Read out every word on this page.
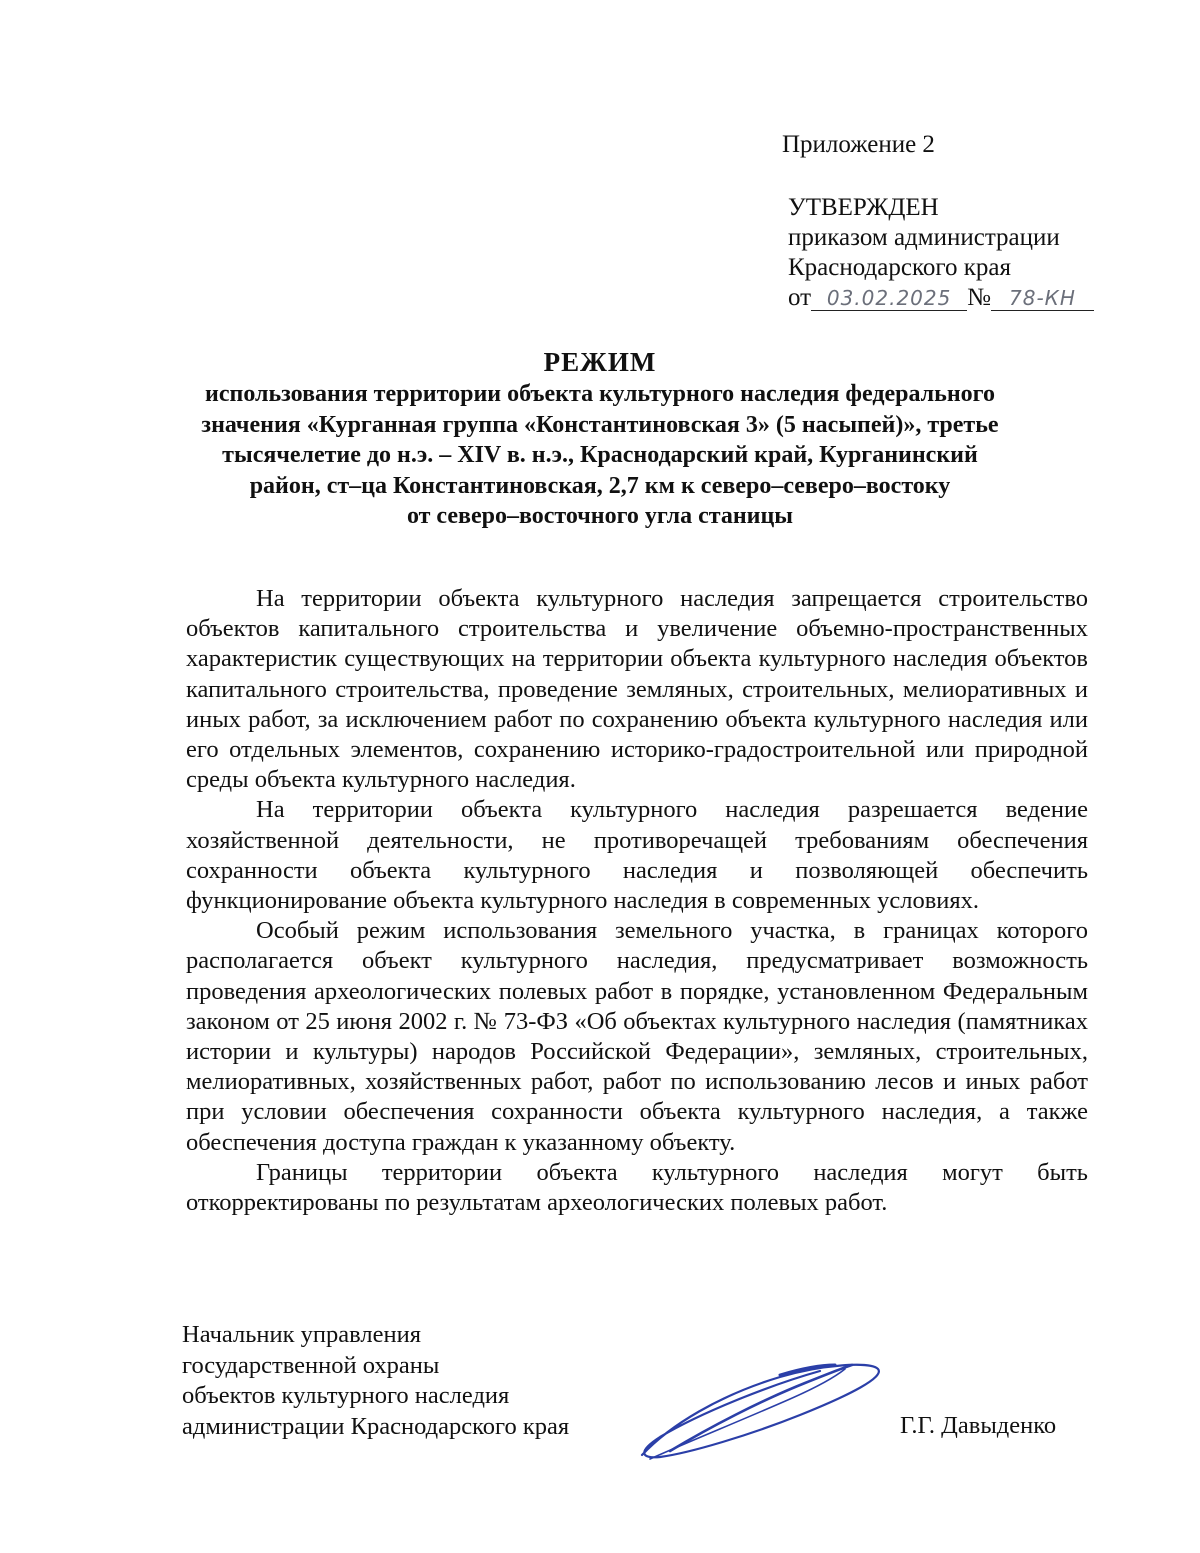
Приложение 2
УТВЕРЖДЕН
приказом администрации
Краснодарского края
от 03.02.2025 № 78-КН
РЕЖИМ
использования территории объекта культурного наследия федерального
значения «Курганная группа «Константиновская 3» (5 насыпей)», третье
тысячелетие до н.э. – XIV в. н.э., Краснодарский край, Курганинский
район, ст–ца Константиновская, 2,7 км к северо–северо–востоку
от северо–восточного угла станицы

На территории объекта культурного наследия запрещается строительство объектов капитального строительства и увеличение объемно-пространственных характеристик существующих на территории объекта культурного наследия объектов капитального строительства, проведение земляных, строительных, мелиоративных и иных работ, за исключением работ по сохранению объекта культурного наследия или его отдельных элементов, сохранению историко-градостроительной или природной среды объекта культурного наследия.

На территории объекта культурного наследия разрешается ведение хозяйственной деятельности, не противоречащей требованиям обеспечения сохранности объекта культурного наследия и позволяющей обеспечить функционирование объекта культурного наследия в современных условиях.

Особый режим использования земельного участка, в границах которого располагается объект культурного наследия, предусматривает возможность проведения археологических полевых работ в порядке, установленном Федеральным законом от 25 июня 2002 г. № 73-ФЗ «Об объектах культурного наследия (памятниках истории и культуры) народов Российской Федерации», земляных, строительных, мелиоративных, хозяйственных работ, работ по использованию лесов и иных работ при условии обеспечения сохранности объекта культурного наследия, а также обеспечения доступа граждан к указанному объекту.

Границы территории объекта культурного наследия могут быть откорректированы по результатам археологических полевых работ.

Начальник управления
государственной охраны
объектов культурного наследия
администрации Краснодарского края	Г.Г. Давыденко
